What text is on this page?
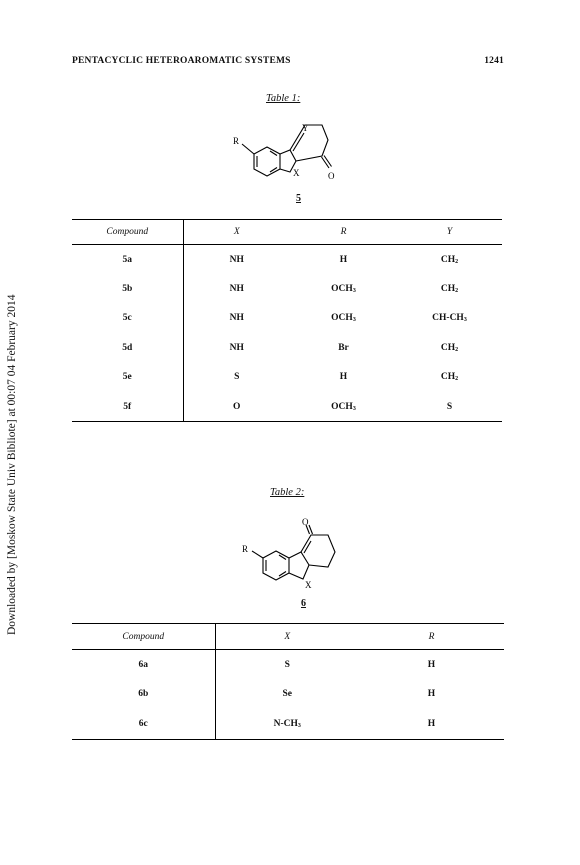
PENTACYCLIC HETEROAROMATIC SYSTEMS	1241
Downloaded by [Moskow State Univ Bibliote] at 00:07 04 February 2014
Table 1:
R
Y
X	O
5
Compound	X	R	Y
5a	NH	H	$CH_2$
5b	NH	$OCH_3$	$CH_2$
5c	NH	$OCH_3$	$CH-CH_3$
5d	NH	Br	$CH_2$
5e	S	H	$CH_2$
5f	O	$OCH_3$	S
Table 2:
R
O
X
6
Compound	X	R
6a	S	H
6b	Se	H
6c	$N-CH_3$	H
